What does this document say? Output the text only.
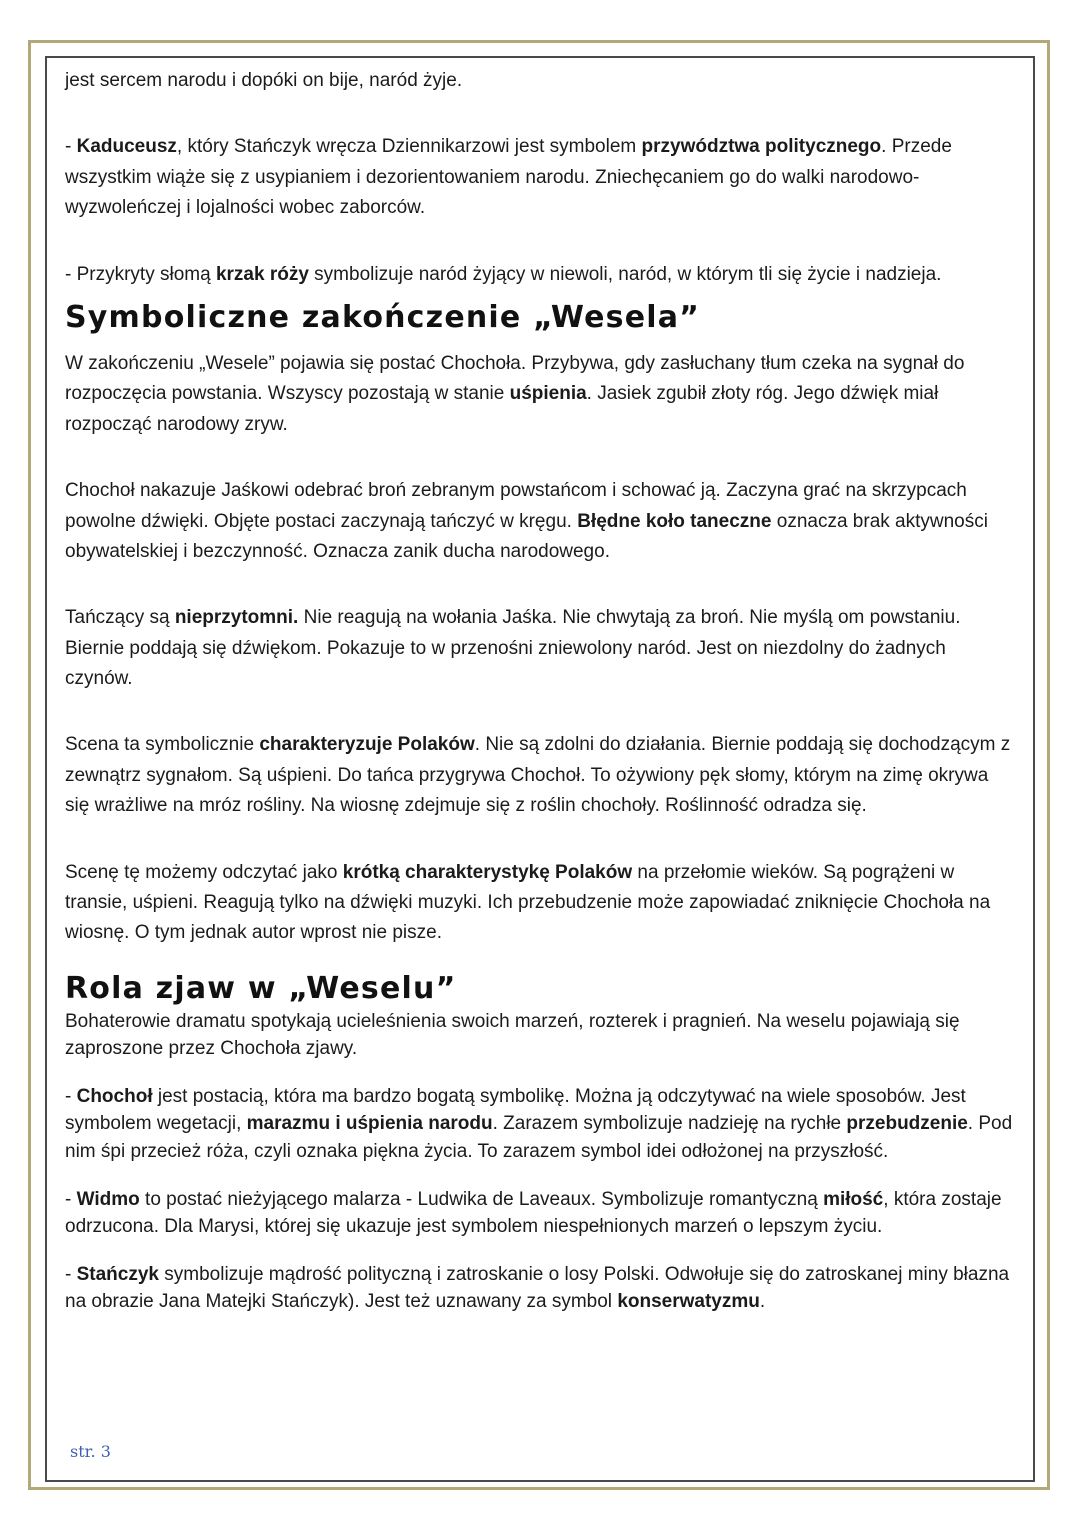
jest sercem narodu i dopóki on bije, naród żyje.

- Kaduceusz, który Stańczyk wręcza Dziennikarzowi jest symbolem przywództwa politycznego. Przede wszystkim wiąże się z usypianiem i dezorientowaniem narodu. Zniechęcaniem go do walki narodowo-wyzwoleńczej i lojalności wobec zaborców.

- Przykryty słomą krzak róży symbolizuje naród żyjący w niewoli, naród, w którym tli się życie i nadzieja.

Symboliczne zakończenie „Wesela”

W zakończeniu „Wesele” pojawia się postać Chochoła. Przybywa, gdy zasłuchany tłum czeka na sygnał do rozpoczęcia powstania. Wszyscy pozostają w stanie uśpienia. Jasiek zgubił złoty róg. Jego dźwięk miał rozpocząć narodowy zryw.

Chochoł nakazuje Jaśkowi odebrać broń zebranym powstańcom i schować ją. Zaczyna grać na skrzypcach powolne dźwięki. Objęte postaci zaczynają tańczyć w kręgu. Błędne koło taneczne oznacza brak aktywności obywatelskiej i bezczynność. Oznacza zanik ducha narodowego.

Tańczący są nieprzytomni. Nie reagują na wołania Jaśka. Nie chwytają za broń. Nie myślą om powstaniu. Biernie poddają się dźwiękom. Pokazuje to w przenośni zniewolony naród. Jest on niezdolny do żadnych czynów.

Scena ta symbolicznie charakteryzuje Polaków. Nie są zdolni do działania. Biernie poddają się dochodzącym z zewnątrz sygnałom. Są uśpieni. Do tańca przygrywa Chochoł. To ożywiony pęk słomy, którym na zimę okrywa się wrażliwe na mróz rośliny. Na wiosnę zdejmuje się z roślin chochoły. Roślinność odradza się.

Scenę tę możemy odczytać jako krótką charakterystykę Polaków na przełomie wieków. Są pogrążeni w transie, uśpieni. Reagują tylko na dźwięki muzyki. Ich przebudzenie może zapowiadać zniknięcie Chochoła na wiosnę. O tym jednak autor wprost nie pisze.

Rola zjaw w „Weselu”

Bohaterowie dramatu spotykają ucieleśnienia swoich marzeń, rozterek i pragnień. Na weselu pojawiają się zaproszone przez Chochoła zjawy.

- Chochoł jest postacią, która ma bardzo bogatą symbolikę. Można ją odczytywać na wiele sposobów. Jest symbolem wegetacji, marazmu i uśpienia narodu. Zarazem symbolizuje nadzieję na rychłe przebudzenie. Pod nim śpi przecież róża, czyli oznaka piękna życia. To zarazem symbol idei odłożonej na przyszłość.

- Widmo to postać nieżyjącego malarza - Ludwika de Laveaux. Symbolizuje romantyczną miłość, która zostaje odrzucona. Dla Marysi, której się ukazuje jest symbolem niespełnionych marzeń o lepszym życiu.

- Stańczyk symbolizuje mądrość polityczną i zatroskanie o losy Polski. Odwołuje się do zatroskanej miny błazna na obrazie Jana Matejki Stańczyk). Jest też uznawany za symbol konserwatyzmu.

str. 3
